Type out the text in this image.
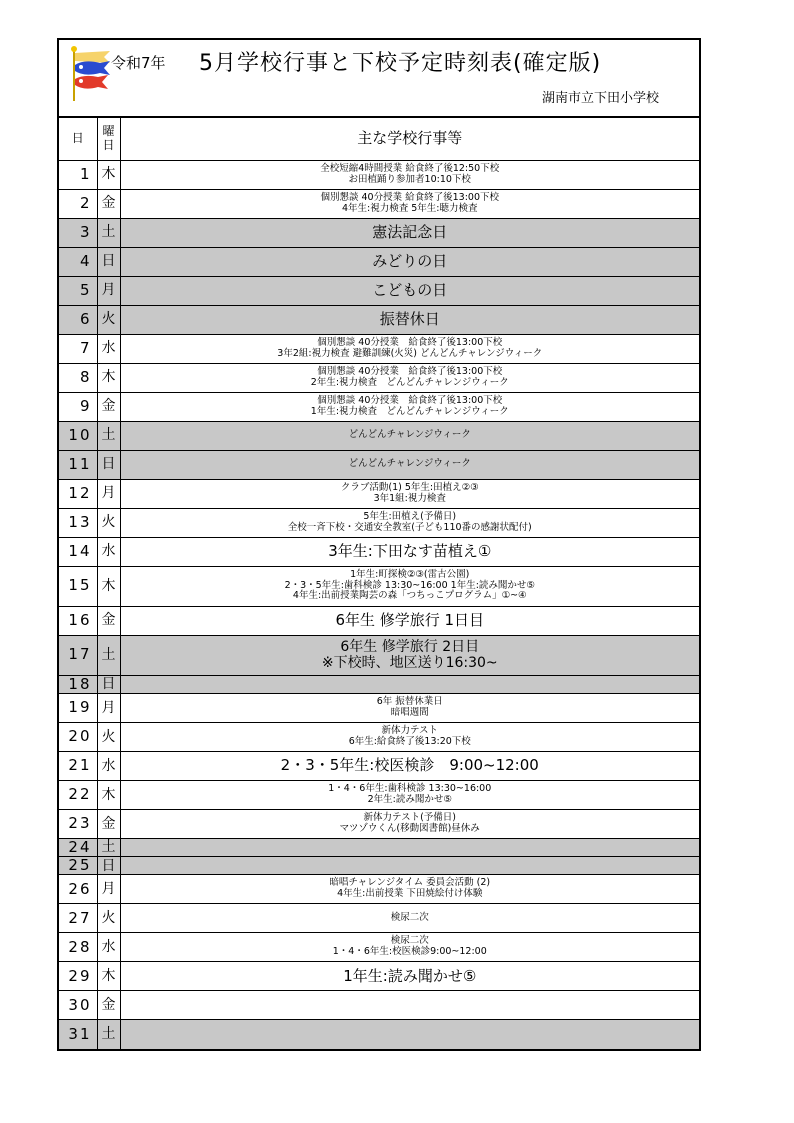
令和7年 5月学校行事と下校予定時刻表(確定版)
湖南市立下田小学校
日	曜日	主な学校行事等
1	木	全校短縮4時間授業 給食終了後12:50下校
お田植踊り参加者10:10下校

2	金	個別懇談 40分授業 給食終了後13:00下校
4年生:視力検査 5年生:聴力検査

3	土	憲法記念日

4	日	みどりの日

5	月	こどもの日

6	火	振替休日

7	水	個別懇談 40分授業　給食終了後13:00下校
3年2組:視力検査 避難訓練(火災) どんどんチャレンジウィーク

8	木	個別懇談 40分授業　給食終了後13:00下校
2年生:視力検査　どんどんチャレンジウィーク

9	金	個別懇談 40分授業　給食終了後13:00下校
1年生:視力検査　どんどんチャレンジウィーク

10	土	どんどんチャレンジウィーク

11	日	どんどんチャレンジウィーク

12	月	クラブ活動(1) 5年生:田植え②③
3年1組:視力検査

13	火	5年生:田植え(予備日)
全校一斉下校・交通安全教室(子ども110番の感謝状配付)

14	水	3年生:下田なす苗植え①

15	木	1年生:町探検②③(雷古公園)
2・3・5年生:歯科検診 13:30~16:00 1年生:読み聞かせ⑤
4年生:出前授業陶芸の森「つちっこプログラム」①~④

16	金	6年生 修学旅行 1日目

17	土	6年生 修学旅行 2日目
※下校時、地区送り16:30~

18	日	
19	月	6年 振替休業日
暗唱週間

20	火	新体力テスト
6年生:給食終了後13:20下校

21	水	2・3・5年生:校医検診　9:00~12:00

22	木	1・4・6年生:歯科検診 13:30~16:00
2年生:読み聞かせ⑤

23	金	新体力テスト(予備日)
マツゾウくん(移動図書館)昼休み

24	土	
25	日	
26	月	暗唱チャレンジタイム 委員会活動 (2)
4年生:出前授業 下田焼絵付け体験

27	火	検尿二次

28	水	検尿二次
1・4・6年生:校医検診9:00~12:00

29	木	1年生:読み聞かせ⑤

30	金	
31	土	
